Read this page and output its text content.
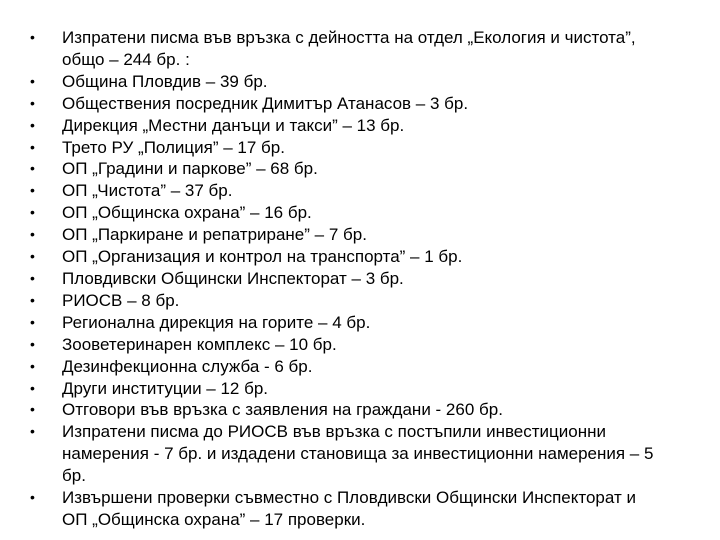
• Изпратени писма във връзка с дейността на отдел „Екология и чистота”,
общо – 244 бр. :
• Община Пловдив – 39 бр.
• Обществения посредник Димитър Атанасов – 3 бр.
• Дирекция „Местни данъци и такси” – 13 бр.
• Трето РУ „Полиция” – 17 бр.
• ОП „Градини и паркове” – 68 бр.
• ОП „Чистота” – 37 бр.
• ОП „Общинска охрана” – 16 бр.
• ОП „Паркиране и репатриране” – 7 бр.
• ОП „Организация и контрол на транспорта” – 1 бр.
• Пловдивски Общински Инспекторат – 3 бр.
• РИОСВ – 8 бр.
• Регионална дирекция на горите – 4 бр.
• Зооветеринарен комплекс – 10 бр.
• Дезинфекционна служба - 6 бр.
• Други институции – 12 бр.
• Отговори във връзка с заявления на граждани - 260 бр.
• Изпратени писма до РИОСВ във връзка с постъпили инвестиционни
намерения - 7 бр. и издадени становища за инвестиционни намерения – 5
бр.
• Извършени проверки съвместно с Пловдивски Общински Инспекторат и
ОП „Общинска охрана” – 17 проверки.
